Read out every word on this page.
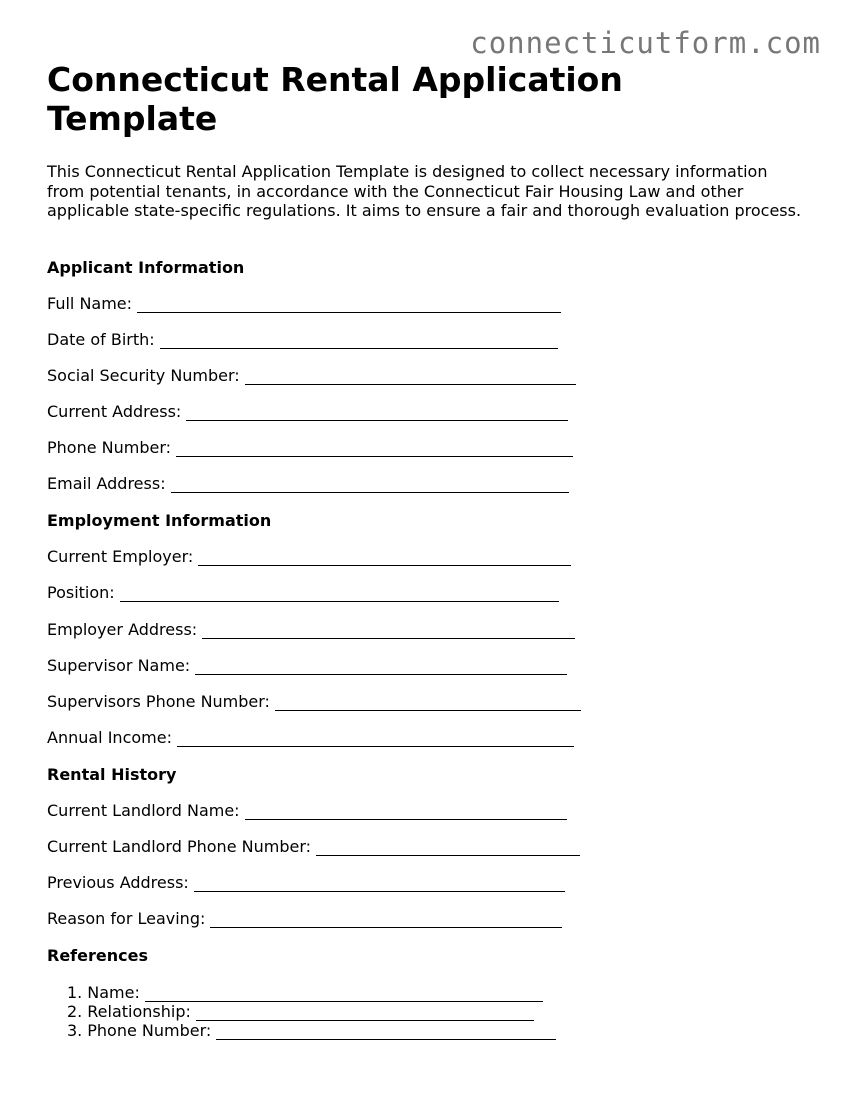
connecticutform.com
Connecticut Rental Application Template

This Connecticut Rental Application Template is designed to collect necessary information from potential tenants, in accordance with the Connecticut Fair Housing Law and other applicable state-specific regulations. It aims to ensure a fair and thorough evaluation process.

Applicant Information
Full Name:
Date of Birth:
Social Security Number:
Current Address:
Phone Number:
Email Address:
Employment Information
Current Employer:
Position:
Employer Address:
Supervisor Name:
Supervisors Phone Number:
Annual Income:
Rental History
Current Landlord Name:
Current Landlord Phone Number:
Previous Address:
Reason for Leaving:
References
1. Name:
2. Relationship:
3. Phone Number:
